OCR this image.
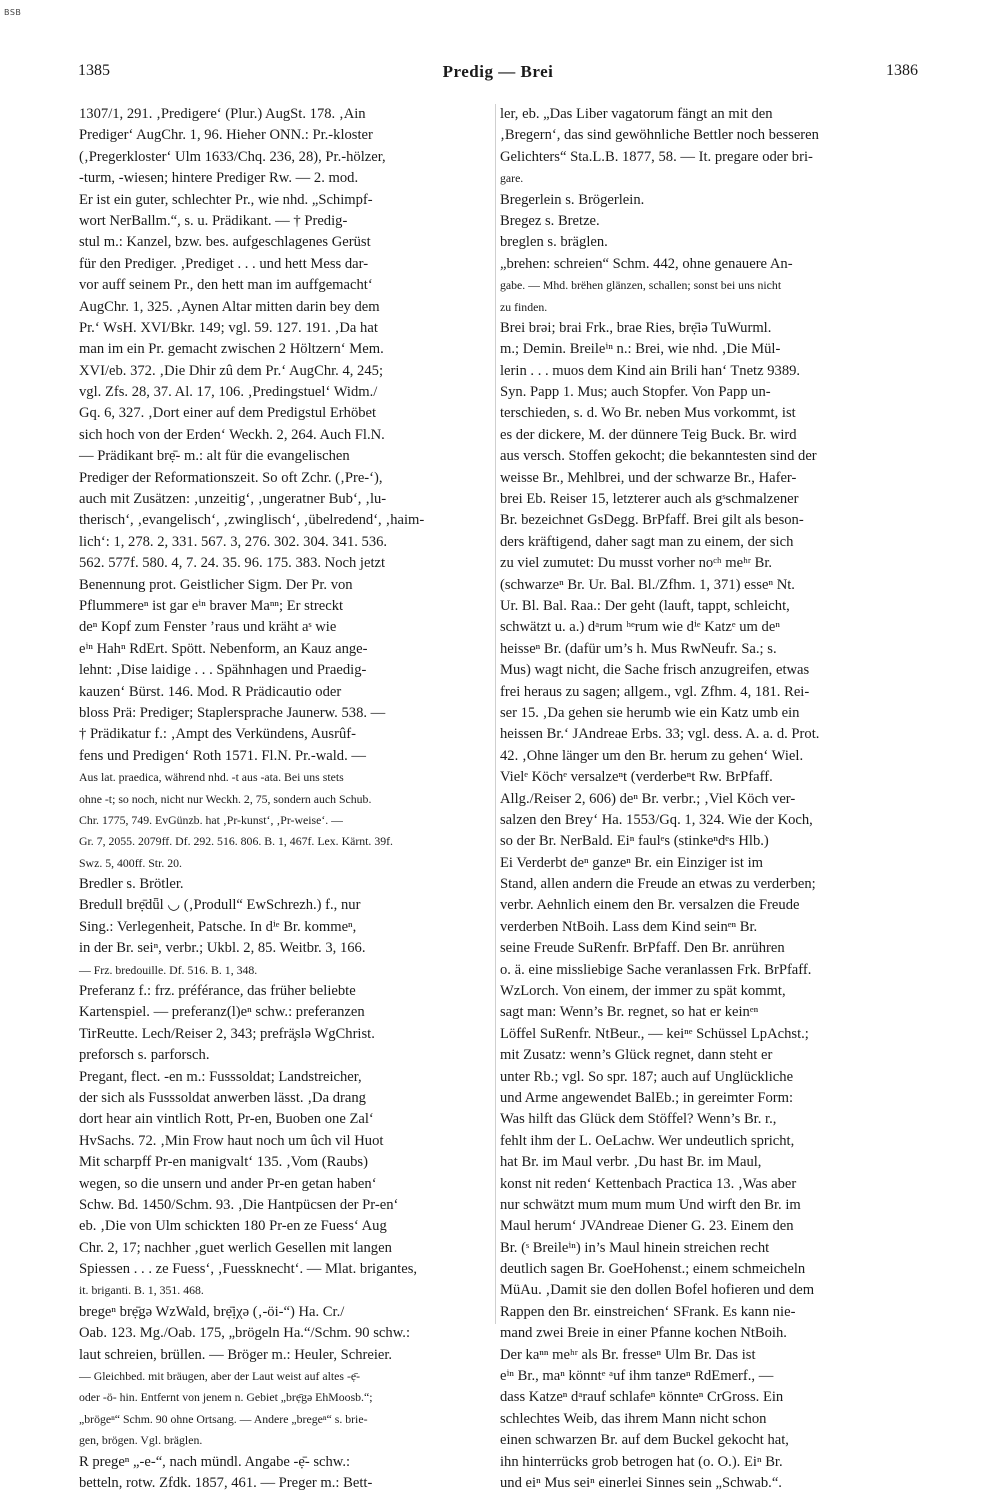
BSB
1385	Predig — Brei	1386
1307/1, 291. ‚Predigere‘ (Plur.) AugSt. 178. ‚Ain
Prediger‘ AugChr. 1, 96. Hieher ONN.: Pr.-kloster
(‚Pregerkloster‘ Ulm 1633/Chq. 236, 28), Pr.-hölzer,
-turm, -wiesen; hintere Prediger Rw. — 2. mod.
Er ist ein guter, schlechter Pr., wie nhd. „Schimpf-
wort NerBallm.“, s. u. Prädikant. — † Predig-
stul m.: Kanzel, bzw. bes. aufgeschlagenes Gerüst
für den Prediger. ‚Prediget . . . und hett Mess dar-
vor auff seinem Pr., den hett man im auffgemacht‘
AugChr. 1, 325. ‚Aynen Altar mitten darin bey dem
Pr.‘ WsH. XVI/Bkr. 149; vgl. 59. 127. 191. ‚Da hat
man im ein Pr. gemacht zwischen 2 Höltzern‘ Mem.
XVI/eb. 372. ‚Die Dhir zû dem Pr.‘ AugChr. 4, 245;
vgl. Zfs. 28, 37. Al. 17, 106. ‚Predingstuel‘ Widm./
Gq. 6, 327. ‚Dort einer auf dem Predigstul Erhöbet
sich hoch von der Erden‘ Weckh. 2, 264. Auch Fl.N.
— Prädikant brẹ̄- m.: alt für die evangelischen
Prediger der Reformationszeit. So oft Zchr. (‚Pre-‘),
auch mit Zusätzen: ‚unzeitig‘, ‚ungeratner Bub‘, ‚lu-
therisch‘, ‚evangelisch‘, ‚zwinglisch‘, ‚übelredend‘, ‚haim-
lich‘: 1, 278. 2, 331. 567. 3, 276. 302. 304. 341. 536.
562. 577f. 580. 4, 7. 24. 35. 96. 175. 383. Noch jetzt
Benennung prot. Geistlicher Sigm. Der Pr. von
Pflummereⁿ ist gar eⁱⁿ braver Maⁿⁿ; Er streckt
deⁿ Kopf zum Fenster ’raus und kräht aˢ wie
eⁱⁿ Hahⁿ RdErt. Spött. Nebenform, an Kauz ange-
lehnt: ‚Dise laidige . . . Spähnhagen und Praedig-
kauzen‘ Bürst. 146. Mod. R Prädicautio oder
bloss Prä: Prediger; Staplersprache Jaunerw. 538. —
† Prädikatur f.: ‚Ampt des Verkündens, Ausrûf-
fens und Predigen‘ Roth 1571. Fl.N. Pr.-wald. —
Aus lat. praedica, während nhd. -t aus -ata. Bei uns stets
ohne -t; so noch, nicht nur Weckh. 2, 75, sondern auch Schub.
Chr. 1775, 749. EvGünzb. hat ‚Pr-kunst‘, ‚Pr-weise‘. —
Gr. 7, 2055. 2079ff. Df. 292. 516. 806. B. 1, 467f. Lex. Kärnt. 39f.
Swz. 5, 400ff. Str. 20.
Bredler s. Brötler.
Bredull brẹ̄dǖl ◡ (‚Produll“ EwSchrezh.) f., nur
Sing.: Verlegenheit, Patsche. In dⁱᵉ Br. kommeⁿ,
in der Br. seiⁿ, verbr.; Ukbl. 2, 85. Weitbr. 3, 166.
— Frz. bredouille. Df. 516. B. 1, 348.
Preferanz f.: frz. préférance, das früher beliebte
Kartenspiel. — preferanz(l)eⁿ schw.: preferanzen
TirReutte. Lech/Reiser 2, 343; prefrä̧slə WgChrist.
preforsch s. parforsch.
Pregant, flect. -en m.: Fusssoldat; Landstreicher,
der sich als Fusssoldat anwerben lässt. ‚Da drang
dort hear ain vintlich Rott, Pr-en, Buoben one Zal‘
HvSachs. 72. ‚Min Frow haut noch um ûch vil Huot
Mit scharpff Pr-en manigvalt‘ 135. ‚Vom (Raubs)
wegen, so die unsern und ander Pr-en getan haben‘
Schw. Bd. 1450/Schm. 93. ‚Die Hantpücsen der Pr-en‘
eb. ‚Die von Ulm schickten 180 Pr-en ze Fuess‘ Aug
Chr. 2, 17; nachher ‚guet werlich Gesellen mit langen
Spiessen . . . ze Fuess‘, ‚Fuessknecht‘. — Mlat. brigantes,
it. briganti. B. 1, 351. 468.
bregeⁿ brẹ̄gə WzWald, brẹ̄ịχə (‚-öi-“) Ha. Cr./
Oab. 123. Mg./Oab. 175, „brögeln Ha.“/Schm. 90 schw.:
laut schreien, brüllen. — Bröger m.: Heuler, Schreier.
— Gleichbed. mit bräugen, aber der Laut weist auf altes -ẹ̄-
oder -ö- hin. Entfernt von jenem n. Gebiet „brẹ̄gə EhMoosb.“;
„brögeⁿ“ Schm. 90 ohne Ortsang. — Andere „bregeⁿ“ s. brie-
gen, brögen. Vgl. bräglen.
R pregeⁿ „-e-“, nach mündl. Angabe -ẹ̄- schw.:
betteln, rotw. Zfdk. 1857, 461. — Preger m.: Bett-
ler, eb. „Das Liber vagatorum fängt an mit den
‚Bregern‘, das sind gewöhnliche Bettler noch besseren
Gelichters“ Sta.L.B. 1877, 58. — It. pregare oder bri-
gare.
Bregerlein s. Brögerlein.
Bregez s. Bretze.
breglen s. bräglen.
„brehen: schreien“ Schm. 442, ohne genauere An-
gabe. — Mhd. brëhen glänzen, schallen; sonst bei uns nicht
zu finden.
Brei brəi; brai Frk., brae Ries, brẹ̄iə TuWurml.
m.; Demin. Breileⁱⁿ n.: Brei, wie nhd. ‚Die Mül-
lerin . . . muos dem Kind ain Brili han‘ Tnetz 9389.
Syn. Papp 1. Mus; auch Stopfer. Von Papp un-
terschieden, s. d. Wo Br. neben Mus vorkommt, ist
es der dickere, M. der dünnere Teig Buck. Br. wird
aus versch. Stoffen gekocht; die bekanntesten sind der
weisse Br., Mehlbrei, und der schwarze Br., Hafer-
brei Eb. Reiser 15, letzterer auch als gˢschmalzener
Br. bezeichnet GsDegg. BrPfaff. Brei gilt als beson-
ders kräftigend, daher sagt man zu einem, der sich
zu viel zumutet: Du musst vorher noᶜʰ meʰʳ Br.
(schwarzeⁿ Br. Ur. Bal. Bl./Zfhm. 1, 371) esseⁿ Nt.
Ur. Bl. Bal. Raa.: Der geht (lauft, tappt, schleicht,
schwätzt u. a.) dᵃrum ʰᵉrum wie dⁱᵉ Katzᵉ um deⁿ
heisseⁿ Br. (dafür um’s h. Mus RwNeufr. Sa.; s.
Mus) wagt nicht, die Sache frisch anzugreifen, etwas
frei heraus zu sagen; allgem., vgl. Zfhm. 4, 181. Rei-
ser 15. ‚Da gehen sie herumb wie ein Katz umb ein
heissen Br.‘ JAndreae Erbs. 33; vgl. dess. A. a. d. Prot.
42. ‚Ohne länger um den Br. herum zu gehen‘ Wiel.
Vielᵉ Köchᵉ versalzeⁿt (verderbeⁿt Rw. BrPfaff.
Allg./Reiser 2, 606) deⁿ Br. verbr.; ‚Viel Köch ver-
salzen den Brey‘ Ha. 1553/Gq. 1, 324. Wie der Koch,
so der Br. NerBald. Eiⁿ faulᵉs (stinkeⁿdᵉs Hlb.)
Ei Verderbt deⁿ ganzeⁿ Br. ein Einziger ist im
Stand, allen andern die Freude an etwas zu verderben;
verbr. Aehnlich einem den Br. versalzen die Freude
verderben NtBoih. Lass dem Kind seinᵉⁿ Br.
seine Freude SuRenfr. BrPfaff. Den Br. anrühren
o. ä. eine missliebige Sache veranlassen Frk. BrPfaff.
WzLorch. Von einem, der immer zu spät kommt,
sagt man: Wenn’s Br. regnet, so hat er keinᵉⁿ
Löffel SuRenfr. NtBeur., — keiⁿᵉ Schüssel LpAchst.;
mit Zusatz: wenn’s Glück regnet, dann steht er
unter Rb.; vgl. So spr. 187; auch auf Unglückliche
und Arme angewendet BalEb.; in gereimter Form:
Was hilft das Glück dem Stöffel? Wenn’s Br. r.,
fehlt ihm der L. OeLachw. Wer undeutlich spricht,
hat Br. im Maul verbr. ‚Du hast Br. im Maul,
konst nit reden‘ Kettenbach Practica 13. ‚Was aber
nur schwätzt mum mum mum Und wirft den Br. im
Maul herum‘ JVAndreae Diener G. 23. Einem den
Br. (ˢ Breileⁱⁿ) in’s Maul hinein streichen recht
deutlich sagen Br. GoeHohenst.; einem schmeicheln
MüAu. ‚Damit sie den dollen Bofel hofieren und dem
Rappen den Br. einstreichen‘ SFrank. Es kann nie-
mand zwei Breie in einer Pfanne kochen NtBoih.
Der kaⁿⁿ meʰʳ als Br. fresseⁿ Ulm Br. Das ist
eⁱⁿ Br., maⁿ könntᵉ ᵃuf ihm tanzeⁿ RdEmerf., —
dass Katzeⁿ dᵃrauf schlafeⁿ könnteⁿ CrGross. Ein
schlechtes Weib, das ihrem Mann nicht schon
einen schwarzen Br. auf dem Buckel gekocht hat,
ihn hinterrücks grob betrogen hat (o. O.). Eiⁿ Br.
und eiⁿ Mus seiⁿ einerlei Sinnes sein „Schwab.“.
